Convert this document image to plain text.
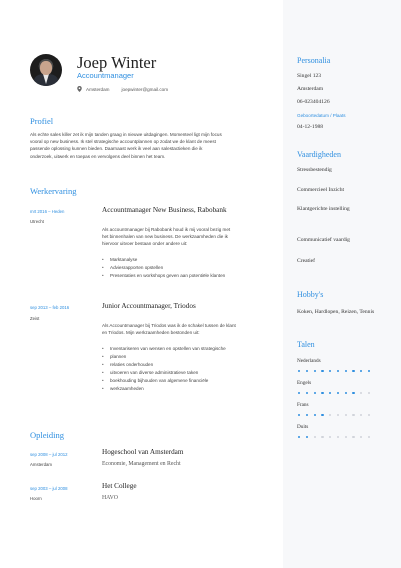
Joep Winter
Accountmanager
Amsterdam	joepwinter@gmail.com
Profiel
Als echte sales killer zet ik mijn tanden graag in nieuwe uitdagingen. Momenteel ligt mijn focus
vooral op new business. Ik stel strategische accountplannen op zodat we de klant de meest
passende oplossing kunnen bieden. Daarnaast werk ik veel aan salestactieken die ik
onderzoek, uitwerk en toepas en vervolgens deel binnen het team.
Werkervaring
mrt 2016 – Heden
Utrecht
Accountmanager New Business, Rabobank
Als accountmanager bij Rabobank houd ik mij vooral bezig met
het binnenhalen van new business. De werkzaamheden die ik
hiervoor uitvoer bestaan onder andere uit:
• Marktanalyse
• Adviesrapporten opstellen
• Presentaties en workshops geven aan potentiële klanten
sep 2013 – feb 2016
Zeist
Junior Accountmanager, Triodos
Als Accountmanager bij Triodos was ik de schakel tussen de klant
en Triodos. Mijn werkzaamheden bestonden uit:
• Inventariseren van wensen en opstellen van strategische
• plannen
• relaties onderhouden
• uitvoeren van diverse administratieve taken
• boekhouding bijhouden van algemene financiële
• werkzaamheden
Opleiding
sep 2008 – jul 2012
Amsterdam
Hogeschool van Amsterdam
Economie, Management en Recht
sep 2003 – jul 2008
Hoorn
Het College
HAVO
Personalia
Singel 123
Amsterdam
06-023404126
Geboortedatum / Plaats
04-12-1988
Vaardigheden
Stressbestendig
Commercieel Inzicht
Klantgerichte instelling
Communicatief vaardig
Creatief
Hobby's
Koken, Hardlopen, Reizen, Tennis
Talen
Nederlands
Engels
Frans
Duits
